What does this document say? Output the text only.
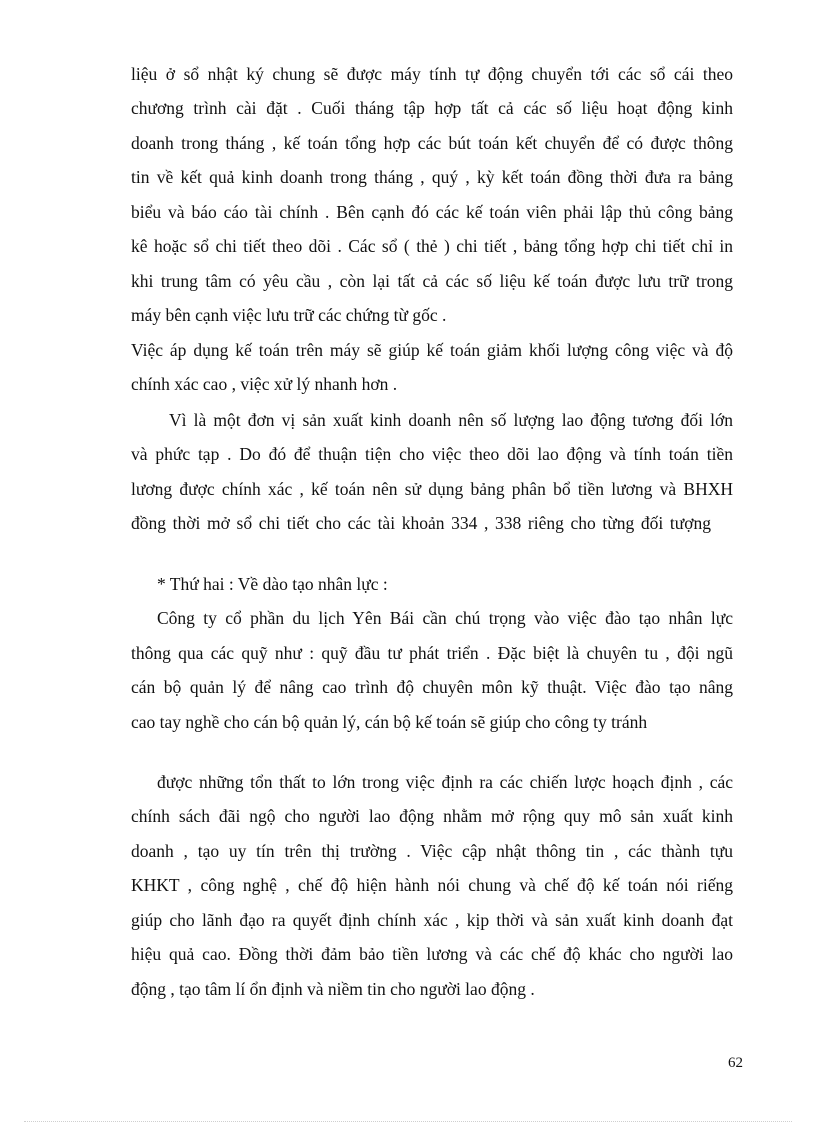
liệu ở sổ nhật ký chung sẽ được máy tính tự động chuyển tới các sổ cái theo
chương trình cài đặt . Cuối tháng tập hợp tất cả các số liệu hoạt động kinh
doanh trong tháng , kế toán tổng hợp các bút toán kết chuyển để có được thông
tin về kết quả kinh doanh trong tháng , quý , kỳ kết toán đồng thời đưa ra bảng
biểu và báo cáo tài chính . Bên cạnh đó các kế toán viên phải lập thủ công bảng
kê hoặc sổ chi tiết theo dõi . Các sổ ( thẻ ) chi tiết , bảng tổng hợp chi tiết chỉ in
khi trung tâm có yêu cầu , còn lại tất cả các số liệu kế toán được lưu trữ trong
máy bên cạnh việc lưu trữ các chứng từ gốc .
Việc áp dụng kế toán trên máy sẽ giúp kế toán giảm khối lượng công việc và độ
chính xác cao , việc xử lý nhanh hơn .
Vì là một đơn vị sản xuất kinh doanh nên số lượng lao động tương đối lớn
và phức tạp . Do đó để thuận tiện cho việc theo dõi lao động và tính toán tiền
lương được chính xác , kế toán nên sử dụng bảng phân bổ tiền lương và BHXH
đồng thời mở sổ chi tiết cho các tài khoản 334 , 338 riêng cho từng đối tượng
* Thứ hai : Về dào tạo nhân lực :
Công ty cổ phần du lịch Yên Bái cần chú trọng vào việc đào tạo nhân lực
thông qua các quỹ như : quỹ đầu tư phát triển . Đặc biệt là chuyên tu , đội ngũ
cán bộ quản lý để nâng cao trình độ chuyên môn kỹ thuật. Việc đào tạo nâng
cao tay nghề cho cán bộ quản lý, cán bộ kế toán sẽ giúp cho công ty tránh
được những tổn thất to lớn trong việc định ra các chiến lược hoạch định , các
chính sách đãi ngộ cho người lao động nhằm mở rộng quy mô sản xuất kinh
doanh , tạo uy tín trên thị trường . Việc cập nhật thông tin , các thành tựu
KHKT , công nghệ , chế độ hiện hành nói chung và chế độ kế toán nói riếng
giúp cho lãnh đạo ra quyết định chính xác , kịp thời và sản xuất kinh doanh đạt
hiệu quả cao. Đồng thời đảm bảo tiền lương và các chế độ khác cho người lao
động , tạo tâm lí ổn định và niềm tin cho người lao động .
62
